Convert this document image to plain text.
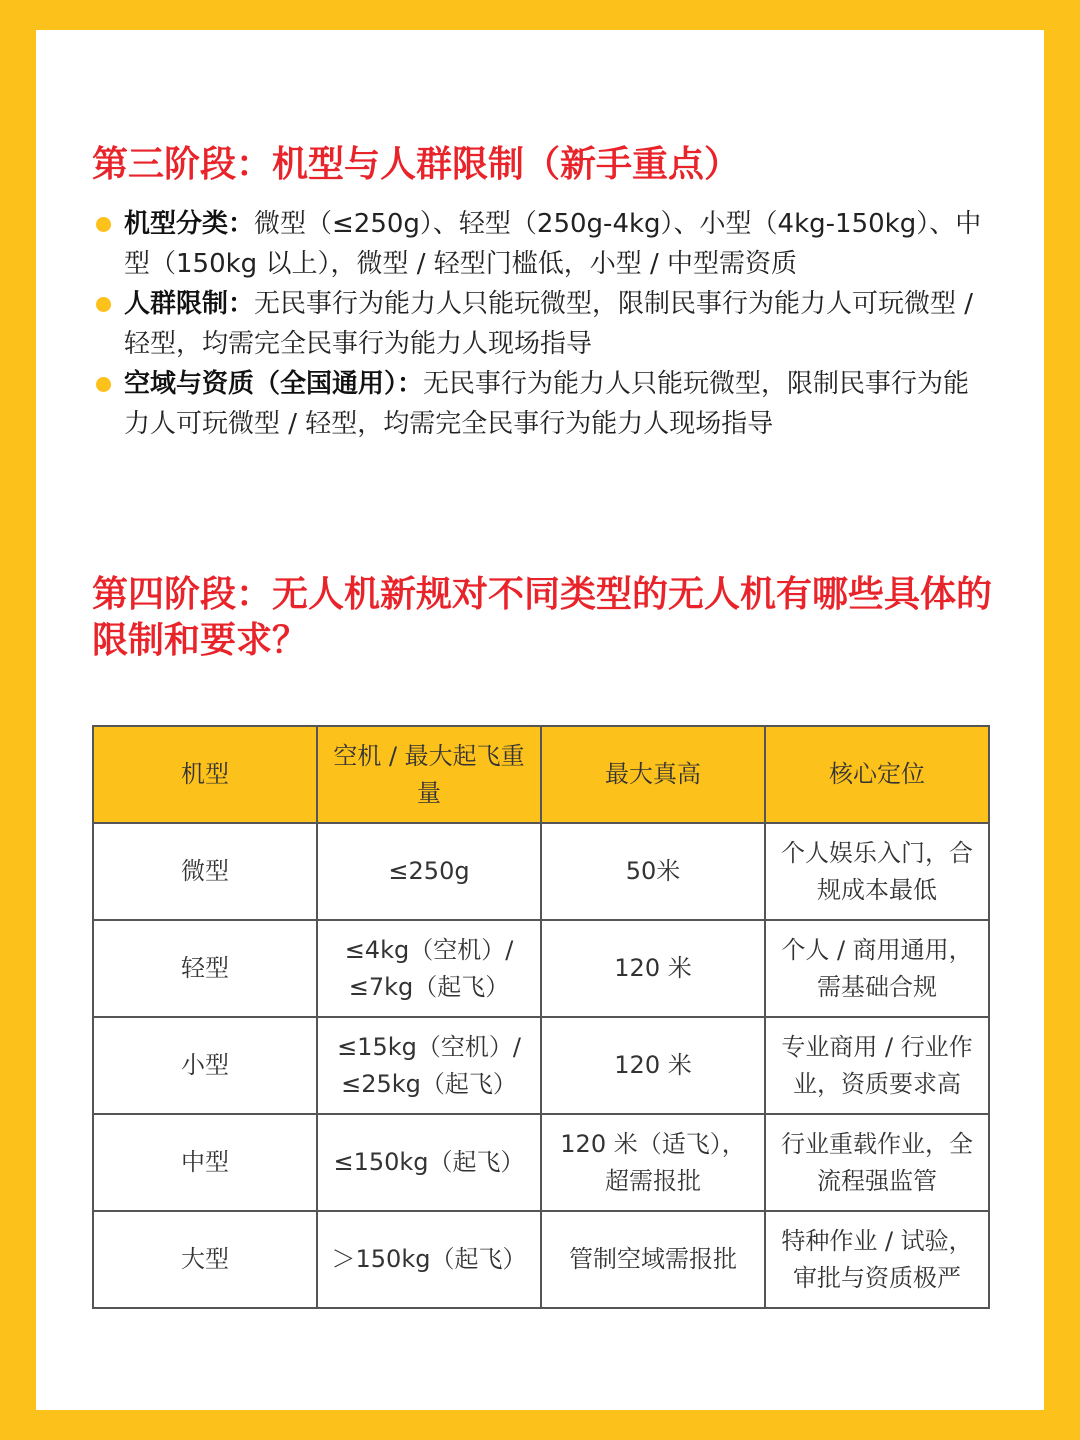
第三阶段：机型与人群限制（新手重点）
机型分类：微型（≤250g）、轻型（250g-4kg）、小型（4kg-150kg）、中型（150kg 以上），微型 / 轻型门槛低，小型 / 中型需资质
人群限制：无民事行为能力人只能玩微型，限制民事行为能力人可玩微型 / 轻型，均需完全民事行为能力人现场指导
空域与资质（全国通用）：无民事行为能力人只能玩微型，限制民事行为能力人可玩微型 / 轻型，均需完全民事行为能力人现场指导
第四阶段：无人机新规对不同类型的无人机有哪些具体的限制和要求？
机型	空机 / 最大起飞重量	最大真高	核心定位
微型	≤250g	50米	个人娱乐入门，合规成本最低
轻型	≤4kg（空机）/ ≤7kg（起飞）	120 米	个人 / 商用通用，需基础合规
小型	≤15kg（空机）/ ≤25kg（起飞）	120 米	专业商用 / 行业作业，资质要求高
中型	≤150kg（起飞）	120 米（适飞），超需报批	行业重载作业，全流程强监管
大型	＞150kg（起飞）	管制空域需报批	特种作业 / 试验，审批与资质极严
